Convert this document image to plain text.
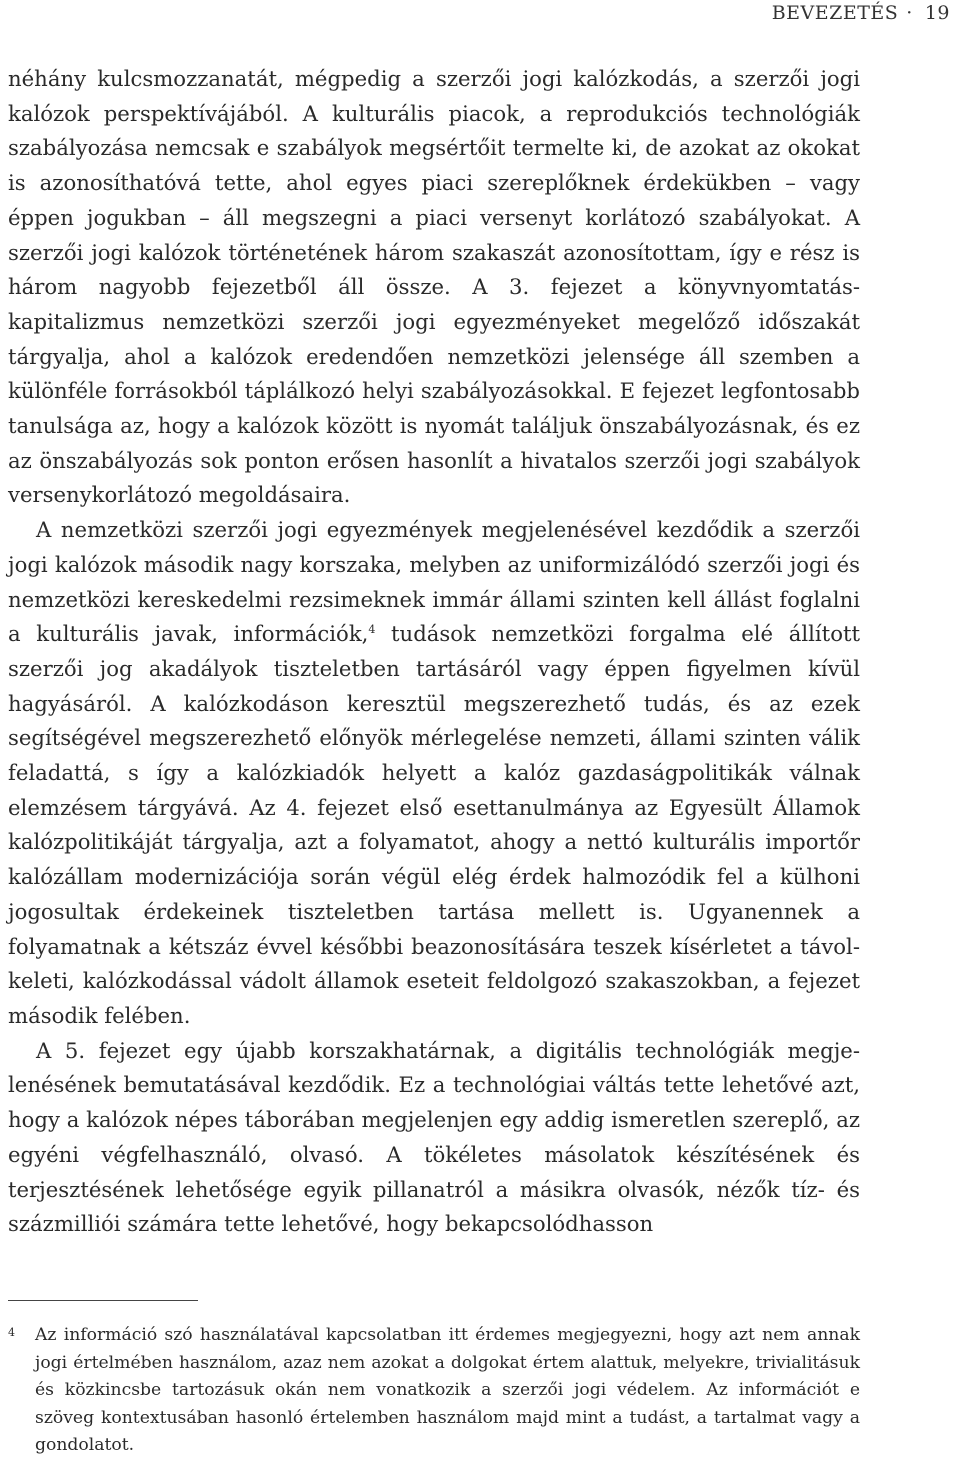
BEVEZETÉS · 19

néhány kulcsmozzanatát, mégpedig a szerzői jogi kalózkodás, a szerzői jogi kalózok perspektívájából. A kulturális piacok, a reprodukciós technológiák szabályozása nemcsak e szabályok megsértőit termelte ki, de azokat az okokat is azonosíthatóvá tette, ahol egyes piaci szereplőknek érdekükben – vagy éppen jogukban – áll megszegni a piaci versenyt korlátozó szabályokat. A szerzői jogi kalózok történetének három szakaszát azonosítottam, így e rész is három nagyobb fejezetből áll össze. A 3. fejezet a könyvnyomtatás-kapitalizmus nemzetközi szerzői jogi egyezményeket megelőző időszakát tárgyalja, ahol a kalózok eredendően nemzetközi jelensége áll szemben a különféle forrásokból táplálkozó helyi szabályozásokkal. E fejezet legfontosabb tanulsága az, hogy a kalózok között is nyomát találjuk önszabályozásnak, és ez az önszabályozás sok ponton erősen hasonlít a hivatalos szerzői jogi szabályok versenykorlátozó megoldásaira.

A nemzetközi szerzői jogi egyezmények megjelenésével kezdődik a szerzői jogi kalózok második nagy korszaka, melyben az uniformizálódó szerzői jogi és nemzetközi kereskedelmi rezsimeknek immár állami szinten kell állást foglalni a kulturális javak, információk,$^4$ tudások nemzetközi forgalma elé állított szerzői jog akadályok tiszteletben tartásáról vagy éppen figyelmen kívül hagyásáról. A kalózkodáson keresztül megszerezhető tudás, és az ezek segítségével megszerezhető előnyök mérlegelése nemzeti, állami szinten válik feladattá, s így a kalózkiadók helyett a kalóz gazdaságpolitikák válnak elemzésem tárgyává. Az 4. fejezet első esettanulmánya az Egyesült Államok kalózpolitikáját tárgyalja, azt a folyamatot, ahogy a nettó kulturális importőr kalózállam modernizációja során végül elég érdek halmozódik fel a külhoni jogosultak érdekeinek tiszteletben tartása mellett is. Ugyanennek a folyamatnak a kétszáz évvel későbbi beazonosítására teszek kísérletet a távol-keleti, kalózkodással vádolt államok eseteit feldolgozó szakaszokban, a fejezet második felében.

A 5. fejezet egy újabb korszakhatárnak, a digitális technológiák megjelenésének bemutatásával kezdődik. Ez a technológiai váltás tette lehetővé azt, hogy a kalózok népes táborában megjelenjen egy addig ismeretlen szereplő, az egyéni végfelhasználó, olvasó. A tökéletes másolatok készítésének és terjesztésének lehetősége egyik pillanatról a másikra olvasók, nézők tíz- és százmilliói számára tette lehetővé, hogy bekapcsolódhasson

4 Az információ szó használatával kapcsolatban itt érdemes megjegyezni, hogy azt nem annak jogi értelmében használom, azaz nem azokat a dolgokat értem alattuk, melyekre, trivialitásuk és közkincsbe tartozásuk okán nem vonatkozik a szerzői jogi védelem. Az információt e szöveg kontextusában hasonló értelemben használom majd mint a tudást, a tartalmat vagy a gondolatot.
